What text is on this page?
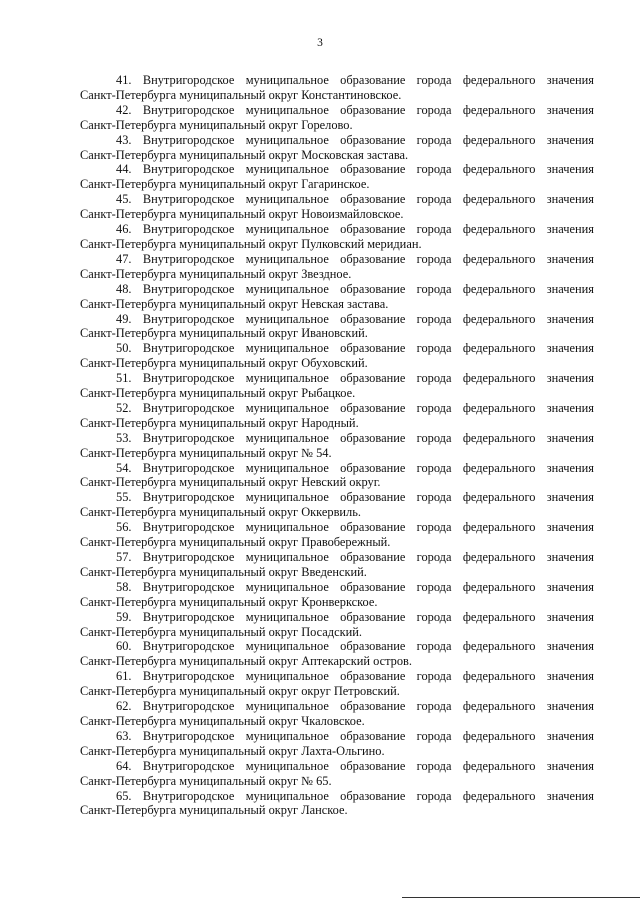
3

41. Внутригородское муниципальное образование города федерального значения
Санкт-Петербурга муниципальный округ Константиновское.

42. Внутригородское муниципальное образование города федерального значения
Санкт-Петербурга муниципальный округ Горелово.

43. Внутригородское муниципальное образование города федерального значения
Санкт-Петербурга муниципальный округ Московская застава.

44. Внутригородское муниципальное образование города федерального значения
Санкт-Петербурга муниципальный округ Гагаринское.

45. Внутригородское муниципальное образование города федерального значения
Санкт-Петербурга муниципальный округ Новоизмайловское.

46. Внутригородское муниципальное образование города федерального значения
Санкт-Петербурга муниципальный округ Пулковский меридиан.

47. Внутригородское муниципальное образование города федерального значения
Санкт-Петербурга муниципальный округ Звездное.

48. Внутригородское муниципальное образование города федерального значения
Санкт-Петербурга муниципальный округ Невская застава.

49. Внутригородское муниципальное образование города федерального значения
Санкт-Петербурга муниципальный округ Ивановский.

50. Внутригородское муниципальное образование города федерального значения
Санкт-Петербурга муниципальный округ Обуховский.

51. Внутригородское муниципальное образование города федерального значения
Санкт-Петербурга муниципальный округ Рыбацкое.

52. Внутригородское муниципальное образование города федерального значения
Санкт-Петербурга муниципальный округ Народный.

53. Внутригородское муниципальное образование города федерального значения
Санкт-Петербурга муниципальный округ № 54.

54. Внутригородское муниципальное образование города федерального значения
Санкт-Петербурга муниципальный округ Невский округ.

55. Внутригородское муниципальное образование города федерального значения
Санкт-Петербурга муниципальный округ Оккервиль.

56. Внутригородское муниципальное образование города федерального значения
Санкт-Петербурга муниципальный округ Правобережный.

57. Внутригородское муниципальное образование города федерального значения
Санкт-Петербурга муниципальный округ Введенский.

58. Внутригородское муниципальное образование города федерального значения
Санкт-Петербурга муниципальный округ Кронверкское.

59. Внутригородское муниципальное образование города федерального значения
Санкт-Петербурга муниципальный округ Посадский.

60. Внутригородское муниципальное образование города федерального значения
Санкт-Петербурга муниципальный округ Аптекарский остров.

61. Внутригородское муниципальное образование города федерального значения
Санкт-Петербурга муниципальный округ округ Петровский.

62. Внутригородское муниципальное образование города федерального значения
Санкт-Петербурга муниципальный округ Чкаловское.

63. Внутригородское муниципальное образование города федерального значения
Санкт-Петербурга муниципальный округ Лахта-Ольгино.

64. Внутригородское муниципальное образование города федерального значения
Санкт-Петербурга муниципальный округ № 65.

65. Внутригородское муниципальное образование города федерального значения
Санкт-Петербурга муниципальный округ Ланское.
